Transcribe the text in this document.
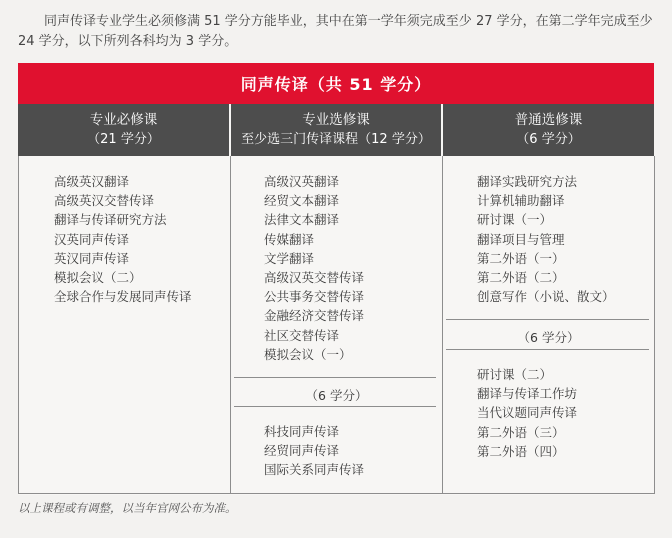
同声传译专业学生必须修满 51 学分方能毕业，其中在第一学年须完成至少 27 学分，在第二学年完成至少 24 学分，以下所列各科均为 3 学分。

同声传译（共 51 学分）
专业必修课
（21 学分）
专业选修课
至少选三门传译课程（12 学分）
普通选修课
（6 学分）
高级英汉翻译
高级英汉交替传译
翻译与传译研究方法
汉英同声传译
英汉同声传译
模拟会议（二）
全球合作与发展同声传译
高级汉英翻译
经贸文本翻译
法律文本翻译
传媒翻译
文学翻译
高级汉英交替传译
公共事务交替传译
金融经济交替传译
社区交替传译
模拟会议（一）
（6 学分）
科技同声传译
经贸同声传译
国际关系同声传译
翻译实践研究方法
计算机辅助翻译
研讨课（一）
翻译项目与管理
第二外语（一）
第二外语（二）
创意写作（小说、散文）
（6 学分）
研讨课（二）
翻译与传译工作坊
当代议题同声传译
第二外语（三）
第二外语（四）
以上课程或有调整，以当年官网公布为准。
